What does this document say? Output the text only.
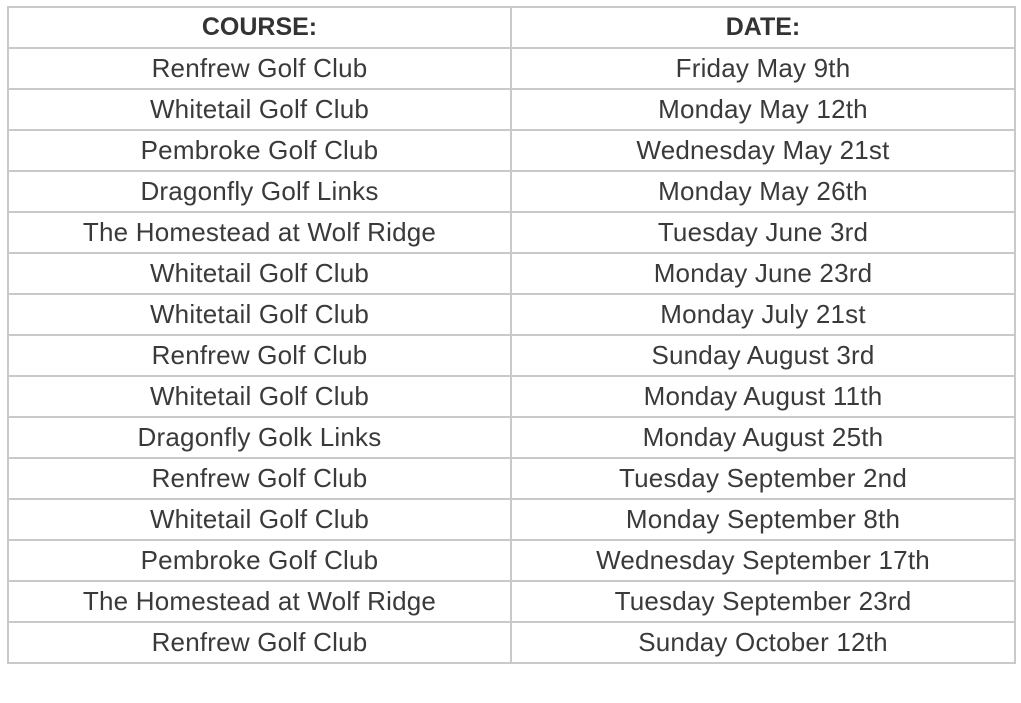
COURSE:	DATE:
Renfrew Golf Club	Friday May 9th
Whitetail Golf Club	Monday May 12th
Pembroke Golf Club	Wednesday May 21st
Dragonfly Golf Links	Monday May 26th
The Homestead at Wolf Ridge	Tuesday June 3rd
Whitetail Golf Club	Monday June 23rd
Whitetail Golf Club	Monday July 21st
Renfrew Golf Club	Sunday August 3rd
Whitetail Golf Club	Monday August 11th
Dragonfly Golk Links	Monday August 25th
Renfrew Golf Club	Tuesday September 2nd
Whitetail Golf Club	Monday September 8th
Pembroke Golf Club	Wednesday September 17th
The Homestead at Wolf Ridge	Tuesday September 23rd
Renfrew Golf Club	Sunday October 12th
